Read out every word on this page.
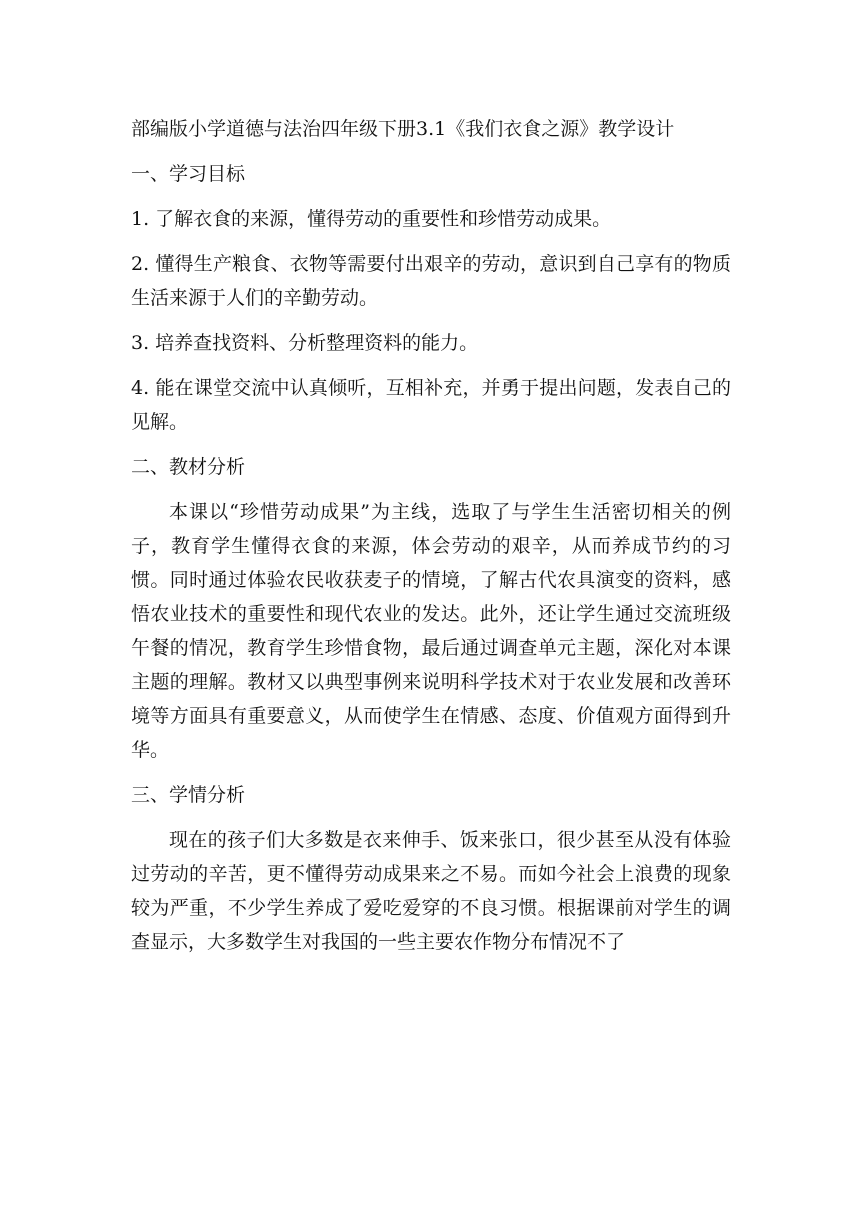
部编版小学道德与法治四年级下册3.1《我们衣食之源》教学设计

一、学习目标

1. 了解衣食的来源，懂得劳动的重要性和珍惜劳动成果。

2. 懂得生产粮食、衣物等需要付出艰辛的劳动，意识到自己享有的物质生活来源于人们的辛勤劳动。

3. 培养查找资料、分析整理资料的能力。

4. 能在课堂交流中认真倾听，互相补充，并勇于提出问题，发表自己的见解。

二、教材分析

本课以“珍惜劳动成果”为主线，选取了与学生生活密切相关的例子，教育学生懂得衣食的来源，体会劳动的艰辛，从而养成节约的习惯。同时通过体验农民收获麦子的情境，了解古代农具演变的资料，感悟农业技术的重要性和现代农业的发达。此外，还让学生通过交流班级午餐的情况，教育学生珍惜食物，最后通过调查单元主题，深化对本课主题的理解。教材又以典型事例来说明科学技术对于农业发展和改善环境等方面具有重要意义，从而使学生在情感、态度、价值观方面得到升华。

三、学情分析

现在的孩子们大多数是衣来伸手、饭来张口，很少甚至从没有体验过劳动的辛苦，更不懂得劳动成果来之不易。而如今社会上浪费的现象较为严重，不少学生养成了爱吃爱穿的不良习惯。根据课前对学生的调查显示，大多数学生对我国的一些主要农作物分布情况不了
